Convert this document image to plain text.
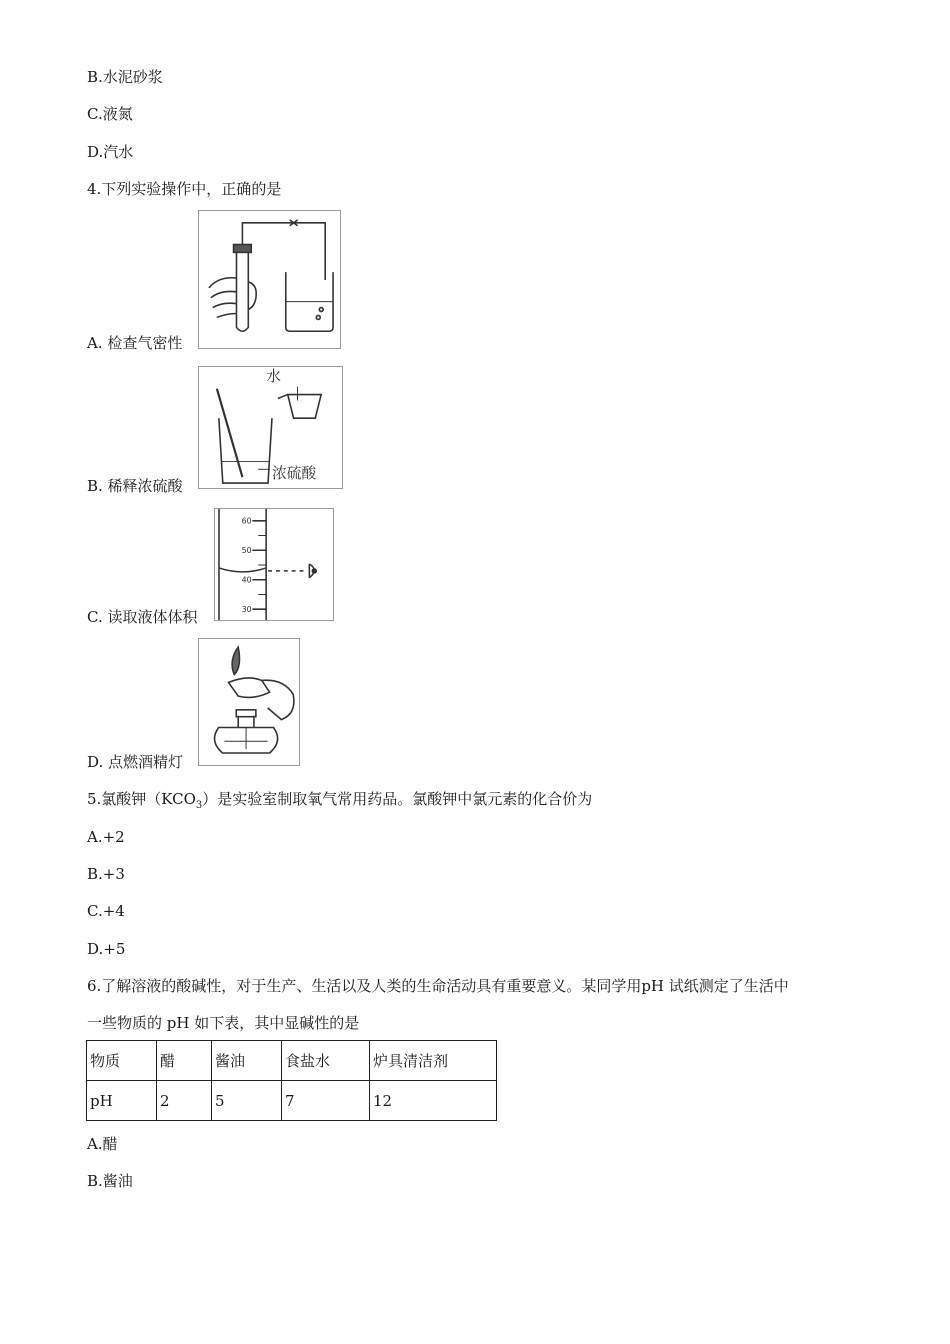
B.水泥砂浆
C.液氮
D.汽水
4.下列实验操作中，正确的是
A. 检查气密性
B. 稀释浓硫酸
水
浓硫酸
C. 读取液体体积
60
50
40
30
D. 点燃酒精灯
5.氯酸钾$(KCO_3)$是实验室制取氧气常用药品。氯酸钾中氯元素的化合价为
A.+2
B.+3
C.+4
D.+5
6.了解溶液的酸碱性，对于生产、生活以及人类的生命活动具有重要意义。某同学用pH 试纸测定了生活中
一些物质的 pH 如下表，其中显碱性的是
物质	醋	酱油	食盐水	炉具清洁剂
pH	2	5	7	12
A.醋
B.酱油
